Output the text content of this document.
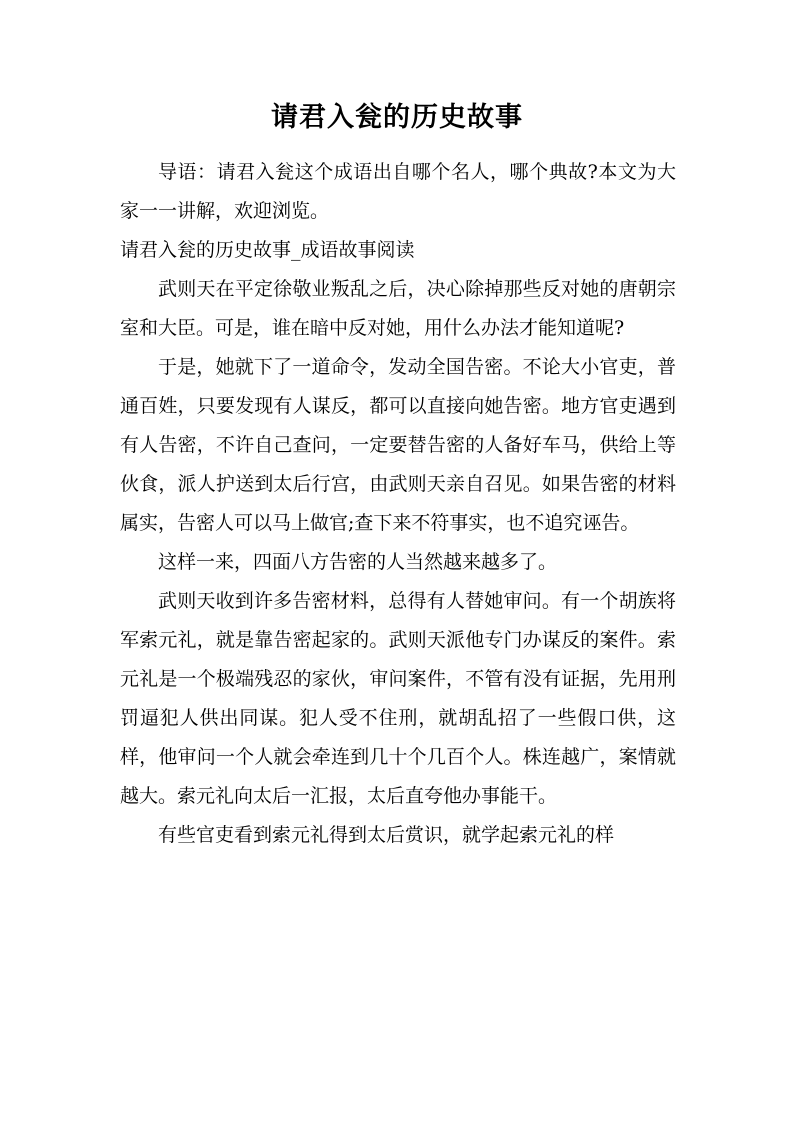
请君入瓮的历史故事

导语：请君入瓮这个成语出自哪个名人，哪个典故?本文为大家一一讲解，欢迎浏览。

请君入瓮的历史故事_成语故事阅读

武则天在平定徐敬业叛乱之后，决心除掉那些反对她的唐朝宗室和大臣。可是，谁在暗中反对她，用什么办法才能知道呢?

于是，她就下了一道命令，发动全国告密。不论大小官吏，普通百姓，只要发现有人谋反，都可以直接向她告密。地方官吏遇到有人告密，不许自己查问，一定要替告密的人备好车马，供给上等伙食，派人护送到太后行宫，由武则天亲自召见。如果告密的材料属实，告密人可以马上做官;查下来不符事实，也不追究诬告。

这样一来，四面八方告密的人当然越来越多了。

武则天收到许多告密材料，总得有人替她审问。有一个胡族将军索元礼，就是靠告密起家的。武则天派他专门办谋反的案件。索元礼是一个极端残忍的家伙，审问案件，不管有没有证据，先用刑罚逼犯人供出同谋。犯人受不住刑，就胡乱招了一些假口供，这样，他审问一个人就会牵连到几十个几百个人。株连越广，案情就越大。索元礼向太后一汇报，太后直夸他办事能干。

有些官吏看到索元礼得到太后赏识，就学起索元礼的样
